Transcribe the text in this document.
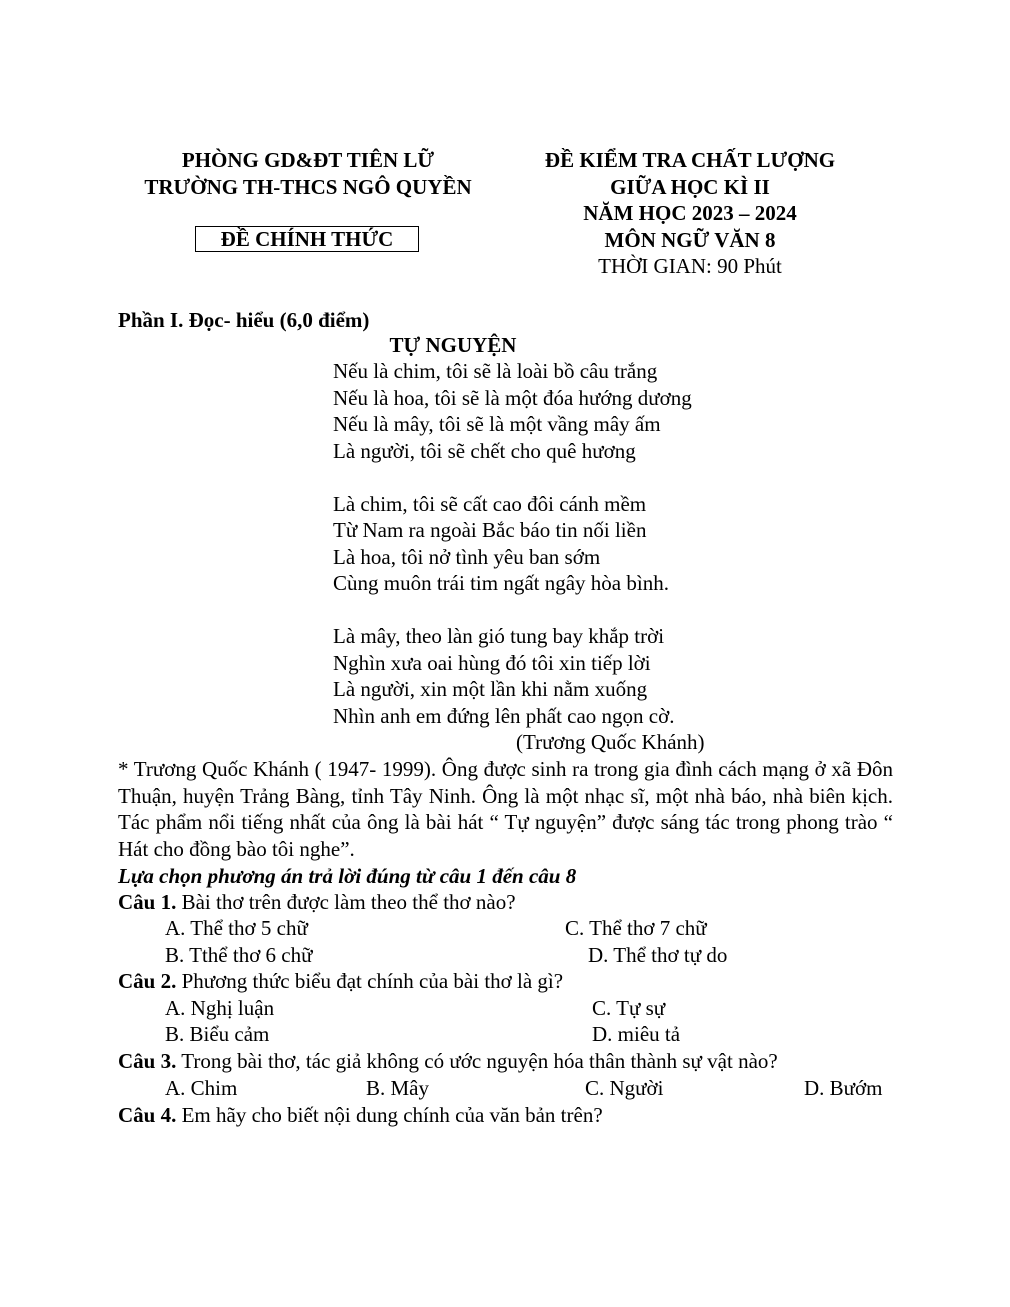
PHÒNG GD&ĐT TIÊN LỮ
TRƯỜNG TH-THCS NGÔ QUYỀN
ĐỀ CHÍNH THỨC
ĐỀ KIỂM TRA CHẤT LƯỢNG
GIỮA HỌC KÌ II
NĂM HỌC 2023 – 2024
MÔN NGỮ VĂN 8
THỜI GIAN: 90 Phút
Phần I. Đọc- hiểu (6,0 điểm)
TỰ NGUYỆN
Nếu là chim, tôi sẽ là loài bồ câu trắng
Nếu là hoa, tôi sẽ là một đóa hướng dương
Nếu là mây, tôi sẽ là một vầng mây ấm
Là người, tôi sẽ chết cho quê hương
Là chim, tôi sẽ cất cao đôi cánh mềm
Từ Nam ra ngoài Bắc báo tin nối liền
Là hoa, tôi nở tình yêu ban sớm
Cùng muôn trái tim ngất ngây hòa bình.
Là mây, theo làn gió tung bay khắp trời
Nghìn xưa oai hùng đó tôi xin tiếp lời
Là người, xin một lần khi nằm xuống
Nhìn anh em đứng lên phất cao ngọn cờ.
(Trương Quốc Khánh)
* Trương Quốc Khánh ( 1947- 1999). Ông được sinh ra trong gia đình cách mạng ở xã Đôn Thuận, huyện Trảng Bàng, tỉnh Tây Ninh. Ông là một nhạc sĩ, một nhà báo, nhà biên kịch. Tác phẩm nổi tiếng nhất của ông là bài hát “ Tự nguyện” được sáng tác trong phong trào “ Hát cho đồng bào tôi nghe”.
Lựa chọn phương án trả lời đúng từ câu 1 đến câu 8
Câu 1. Bài thơ trên được làm theo thể thơ nào?
A. Thể thơ 5 chữ	C. Thể thơ 7 chữ
B. Tthể thơ 6 chữ	D. Thể thơ tự do
Câu 2. Phương thức biểu đạt chính của bài thơ là gì?
A. Nghị luận	C. Tự sự
B. Biểu cảm	D. miêu tả
Câu 3. Trong bài thơ, tác giả không có ước nguyện hóa thân thành sự vật nào?
A. Chim	B. Mây	C. Người	D. Bướm
Câu 4. Em hãy cho biết nội dung chính của văn bản trên?
